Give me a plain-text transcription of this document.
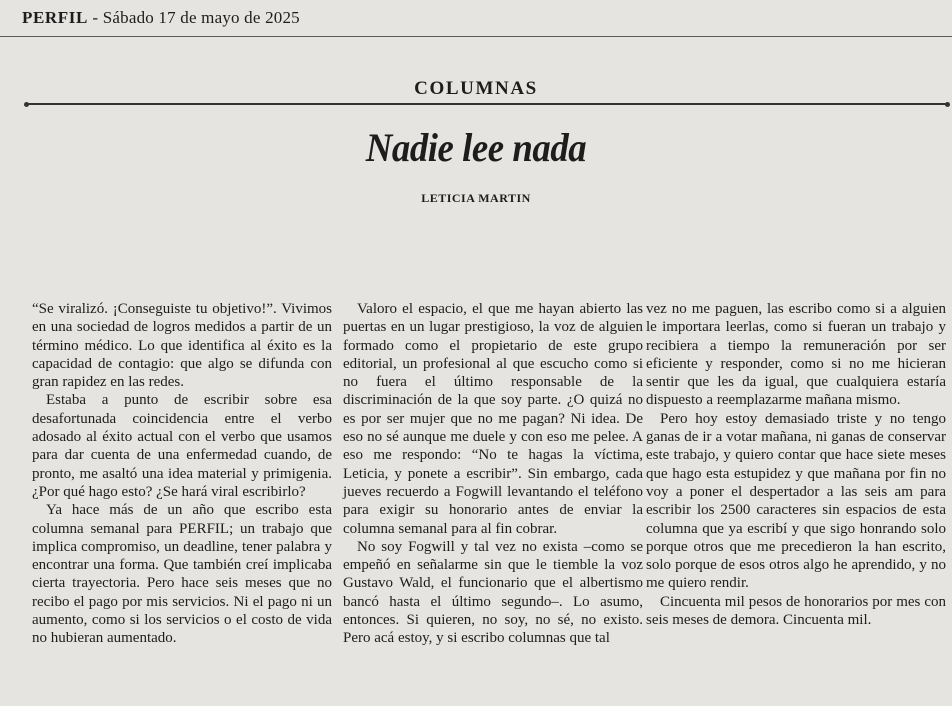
PERFIL - Sábado 17 de mayo de 2025
COLUMNAS
Nadie lee nada
LETICIA MARTIN

“Se viralizó. ¡Conseguiste tu objetivo!”. Vivimos en una sociedad de logros medidos a partir de un término médico. Lo que identifica al éxito es la capacidad de contagio: que algo se difunda con gran rapidez en las redes.

Estaba a punto de escribir sobre esa desafortunada coincidencia entre el verbo adosado al éxito actual con el verbo que usamos para dar cuenta de una enfermedad cuando, de pronto, me asaltó una idea material y primigenia. ¿Por qué hago esto? ¿Se hará viral escribirlo?

Ya hace más de un año que escribo esta columna semanal para PERFIL; un trabajo que implica compromiso, un deadline, tener palabra y encontrar una forma. Que también creí implicaba cierta trayectoria. Pero hace seis meses que no recibo el pago por mis servicios. Ni el pago ni un aumento, como si los servicios o el costo de vida no hubieran aumentado.

Valoro el espacio, el que me hayan abierto las puertas en un lugar prestigioso, la voz de alguien formado como el propietario de este grupo editorial, un profesional al que escucho como si no fuera el último responsable de la discriminación de la que soy parte. ¿O quizá no es por ser mujer que no me pagan? Ni idea. De eso no sé aunque me duele y con eso me pelee. A eso me respondo: “No te hagas la víctima, Leticia, y ponete a escribir”. Sin embargo, cada jueves recuerdo a Fogwill levantando el teléfono para exigir su honorario antes de enviar la columna semanal para al fin cobrar.

No soy Fogwill y tal vez no exista –como se empeñó en señalarme sin que le tiemble la voz Gustavo Wald, el funcionario que el albertismo bancó hasta el último segundo–. Lo asumo, entonces. Si quieren, no soy, no sé, no existo. Pero acá estoy, y si escribo columnas que tal

vez no me paguen, las escribo como si a alguien le importara leerlas, como si fueran un trabajo y recibiera a tiempo la remuneración por ser eficiente y responder, como si no me hicieran sentir que les da igual, que cualquiera estaría dispuesto a reemplazarme mañana mismo.

Pero hoy estoy demasiado triste y no tengo ganas de ir a votar mañana, ni ganas de conservar este trabajo, y quiero contar que hace siete meses que hago esta estupidez y que mañana por fin no voy a poner el despertador a las seis am para escribir los 2500 caracteres sin espacios de esta columna que ya escribí y que sigo honrando solo porque otros que me precedieron la han escrito, solo porque de esos otros algo he aprendido, y no me quiero rendir.

Cincuenta mil pesos de honorarios por mes con seis meses de demora. Cincuenta mil.
